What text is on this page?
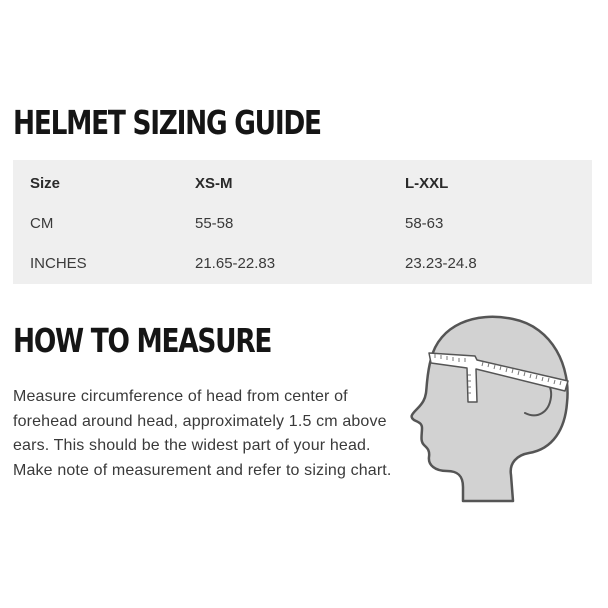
HELMET SIZING GUIDE
Size	XS-M	L-XXL
CM	55-58	58-63
INCHES	21.65-22.83	23.23-24.8
HOW TO MEASURE

Measure circumference of head from center of forehead around head, approximately 1.5 cm above ears. This should be the widest part of your head. Make note of measurement and refer to sizing chart.
